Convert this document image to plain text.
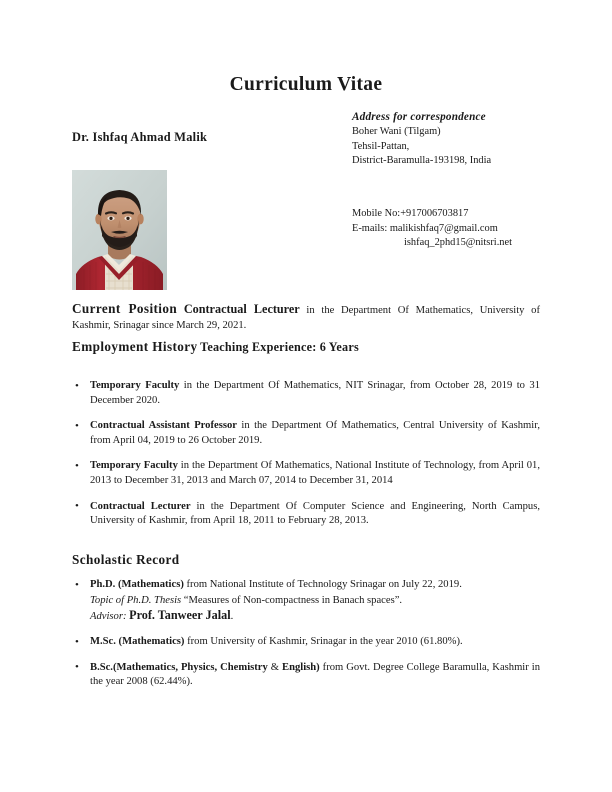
Curriculum Vitae
Dr. Ishfaq Ahmad Malik
Address for correspondence
Boher Wani (Tilgam)
Tehsil-Pattan,
District-Baramulla-193198, India
Mobile No:+917006703817
E-mails: malikishfaq7@gmail.com
ishfaq_2phd15@nitsri.net

Current Position Contractual Lecturer in the Department Of Mathematics, University of Kashmir, Srinagar since March 29, 2021.

Employment History Teaching Experience: 6 Years

• Temporary Faculty in the Department Of Mathematics, NIT Srinagar, from October 28, 2019 to 31 December 2020.
• Contractual Assistant Professor in the Department Of Mathematics, Central University of Kashmir, from April 04, 2019 to 26 October 2019.
• Temporary Faculty in the Department Of Mathematics, National Institute of Technology, from April 01, 2013 to December 31, 2013 and March 07, 2014 to December 31, 2014
• Contractual Lecturer in the Department Of Computer Science and Engineering, North Campus, University of Kashmir, from April 18, 2011 to February 28, 2013.

Scholastic Record

• Ph.D. (Mathematics) from National Institute of Technology Srinagar on July 22, 2019.
Topic of Ph.D. Thesis “Measures of Non-compactness in Banach spaces”.
Advisor: Prof. Tanweer Jalal.
• M.Sc. (Mathematics) from University of Kashmir, Srinagar in the year 2010 (61.80%).
• B.Sc.(Mathematics, Physics, Chemistry & English) from Govt. Degree College Baramulla, Kashmir in the year 2008 (62.44%).
